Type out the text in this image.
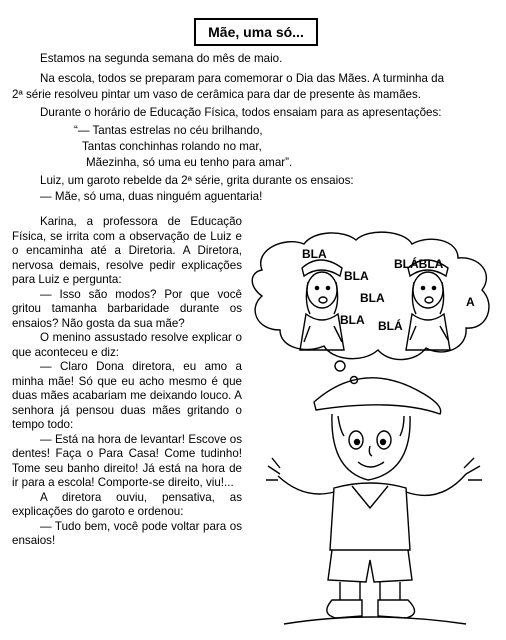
Mãe, uma só...
Estamos na segunda semana do mês de maio.
Na escola, todos se preparam para comemorar o Dia das Mães. A turminha da
2ª série resolveu pintar um vaso de cerâmica para dar de presente às mamães.
Durante o horário de Educação Física, todos ensaiam para as apresentações:
“— Tantas estrelas no céu brilhando,
Tantas conchinhas rolando no mar,
Mãezinha, só uma eu tenho para amar”.
Luiz, um garoto rebelde da 2ª série, grita durante os ensaios:
— Mãe, só uma, duas ninguém aguentaria!

Karina, a professora de Educação Física, se irrita com a observação de Luiz e o encaminha até a Diretoria. A Diretora, nervosa demais, resolve pedir explicações para Luiz e pergunta:

— Isso são modos? Por que você gritou tamanha barbaridade durante os ensaios? Não gosta da sua mãe?

O menino assustado resolve explicar o que aconteceu e diz:

— Claro Dona diretora, eu amo a minha mãe! Só que eu acho mesmo é que duas mães acabariam me deixando louco. A senhora já pensou duas mães gritando o tempo todo:

— Está na hora de levantar! Escove os dentes! Faça o Para Casa! Come tudinho! Tome seu banho direito! Já está na hora de ir para a escola! Comporte-se direito, viu!...

A diretora ouviu, pensativa, as explicações do garoto e ordenou:

— Tudo bem, você pode voltar para os ensaios!

BLA
BLA
BLÁBLA
BLA
BLA BLÁ
A
